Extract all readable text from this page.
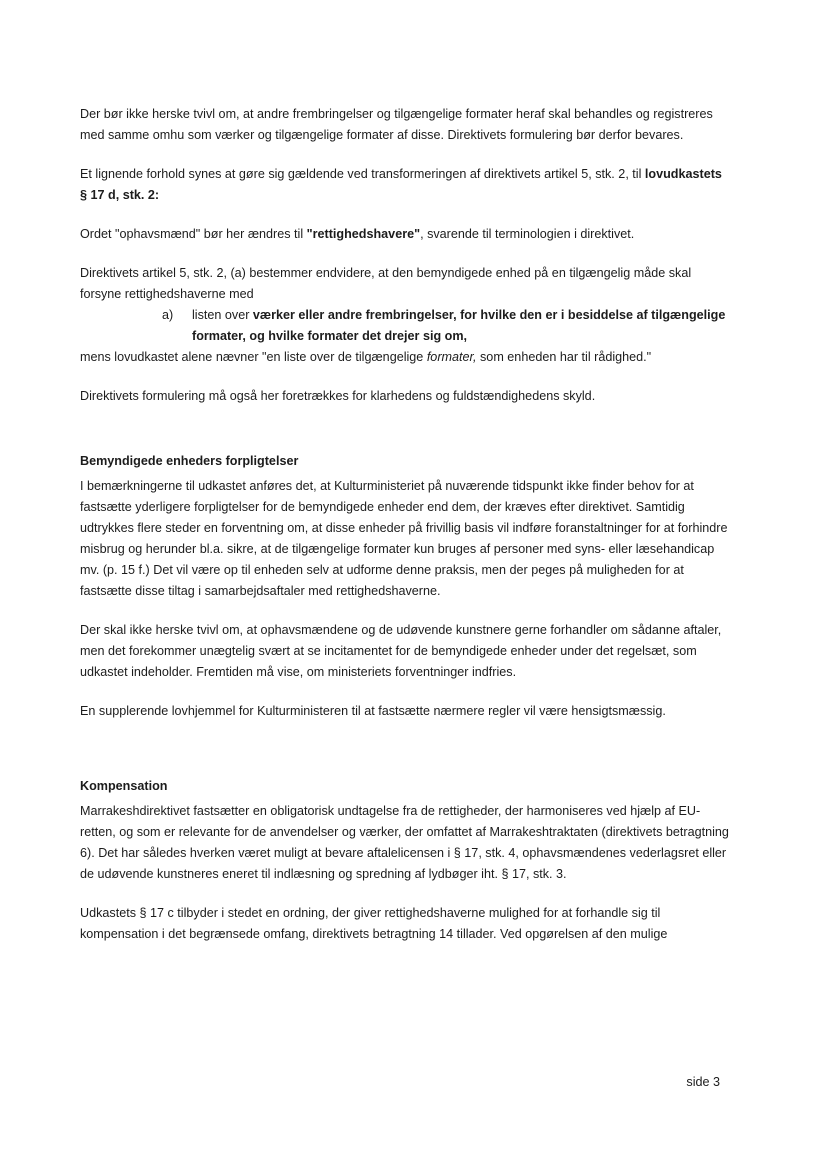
Der bør ikke herske tvivl om, at andre frembringelser og tilgængelige formater heraf skal behandles og registreres med samme omhu som værker og tilgængelige formater af disse. Direktivets formulering bør derfor bevares.

Et lignende forhold synes at gøre sig gældende ved transformeringen af direktivets artikel 5, stk. 2, til lovudkastets § 17 d, stk. 2:

Ordet "ophavsmænd" bør her ændres til "rettighedshavere", svarende til terminologien i direktivet.

Direktivets artikel 5, stk. 2, (a) bestemmer endvidere, at den bemyndigede enhed på en tilgængelig måde skal forsyne rettighedshaverne med

a) listen over værker eller andre frembringelser, for hvilke den er i besiddelse af tilgængelige formater, og hvilke formater det drejer sig om,

mens lovudkastet alene nævner "en liste over de tilgængelige formater, som enheden har til rådighed."

Direktivets formulering må også her foretrækkes for klarhedens og fuldstændighedens skyld.

Bemyndigede enheders forpligtelser

I bemærkningerne til udkastet anføres det, at Kulturministeriet på nuværende tidspunkt ikke finder behov for at fastsætte yderligere forpligtelser for de bemyndigede enheder end dem, der kræves efter direktivet. Samtidig udtrykkes flere steder en forventning om, at disse enheder på frivillig basis vil indføre foranstaltninger for at forhindre misbrug og herunder bl.a. sikre, at de tilgængelige formater kun bruges af personer med syns- eller læsehandicap mv. (p. 15 f.) Det vil være op til enheden selv at udforme denne praksis, men der peges på muligheden for at fastsætte disse tiltag i samarbejdsaftaler med rettighedshaverne.

Der skal ikke herske tvivl om, at ophavsmændene og de udøvende kunstnere gerne forhandler om sådanne aftaler, men det forekommer unægtelig svært at se incitamentet for de bemyndigede enheder under det regelsæt, som udkastet indeholder. Fremtiden må vise, om ministeriets forventninger indfries.

En supplerende lovhjemmel for Kulturministeren til at fastsætte nærmere regler vil være hensigtsmæssig.

Kompensation

Marrakeshdirektivet fastsætter en obligatorisk undtagelse fra de rettigheder, der harmoniseres ved hjælp af EU-retten, og som er relevante for de anvendelser og værker, der omfattet af Marrakeshtraktaten (direktivets betragtning 6). Det har således hverken været muligt at bevare aftalelicensen i § 17, stk. 4, ophavsmændenes vederlagsret eller de udøvende kunstneres eneret til indlæsning og spredning af lydbøger iht. § 17, stk. 3.

Udkastets § 17 c tilbyder i stedet en ordning, der giver rettighedshaverne mulighed for at forhandle sig til kompensation i det begrænsede omfang, direktivets betragtning 14 tillader. Ved opgørelsen af den mulige

side 3
